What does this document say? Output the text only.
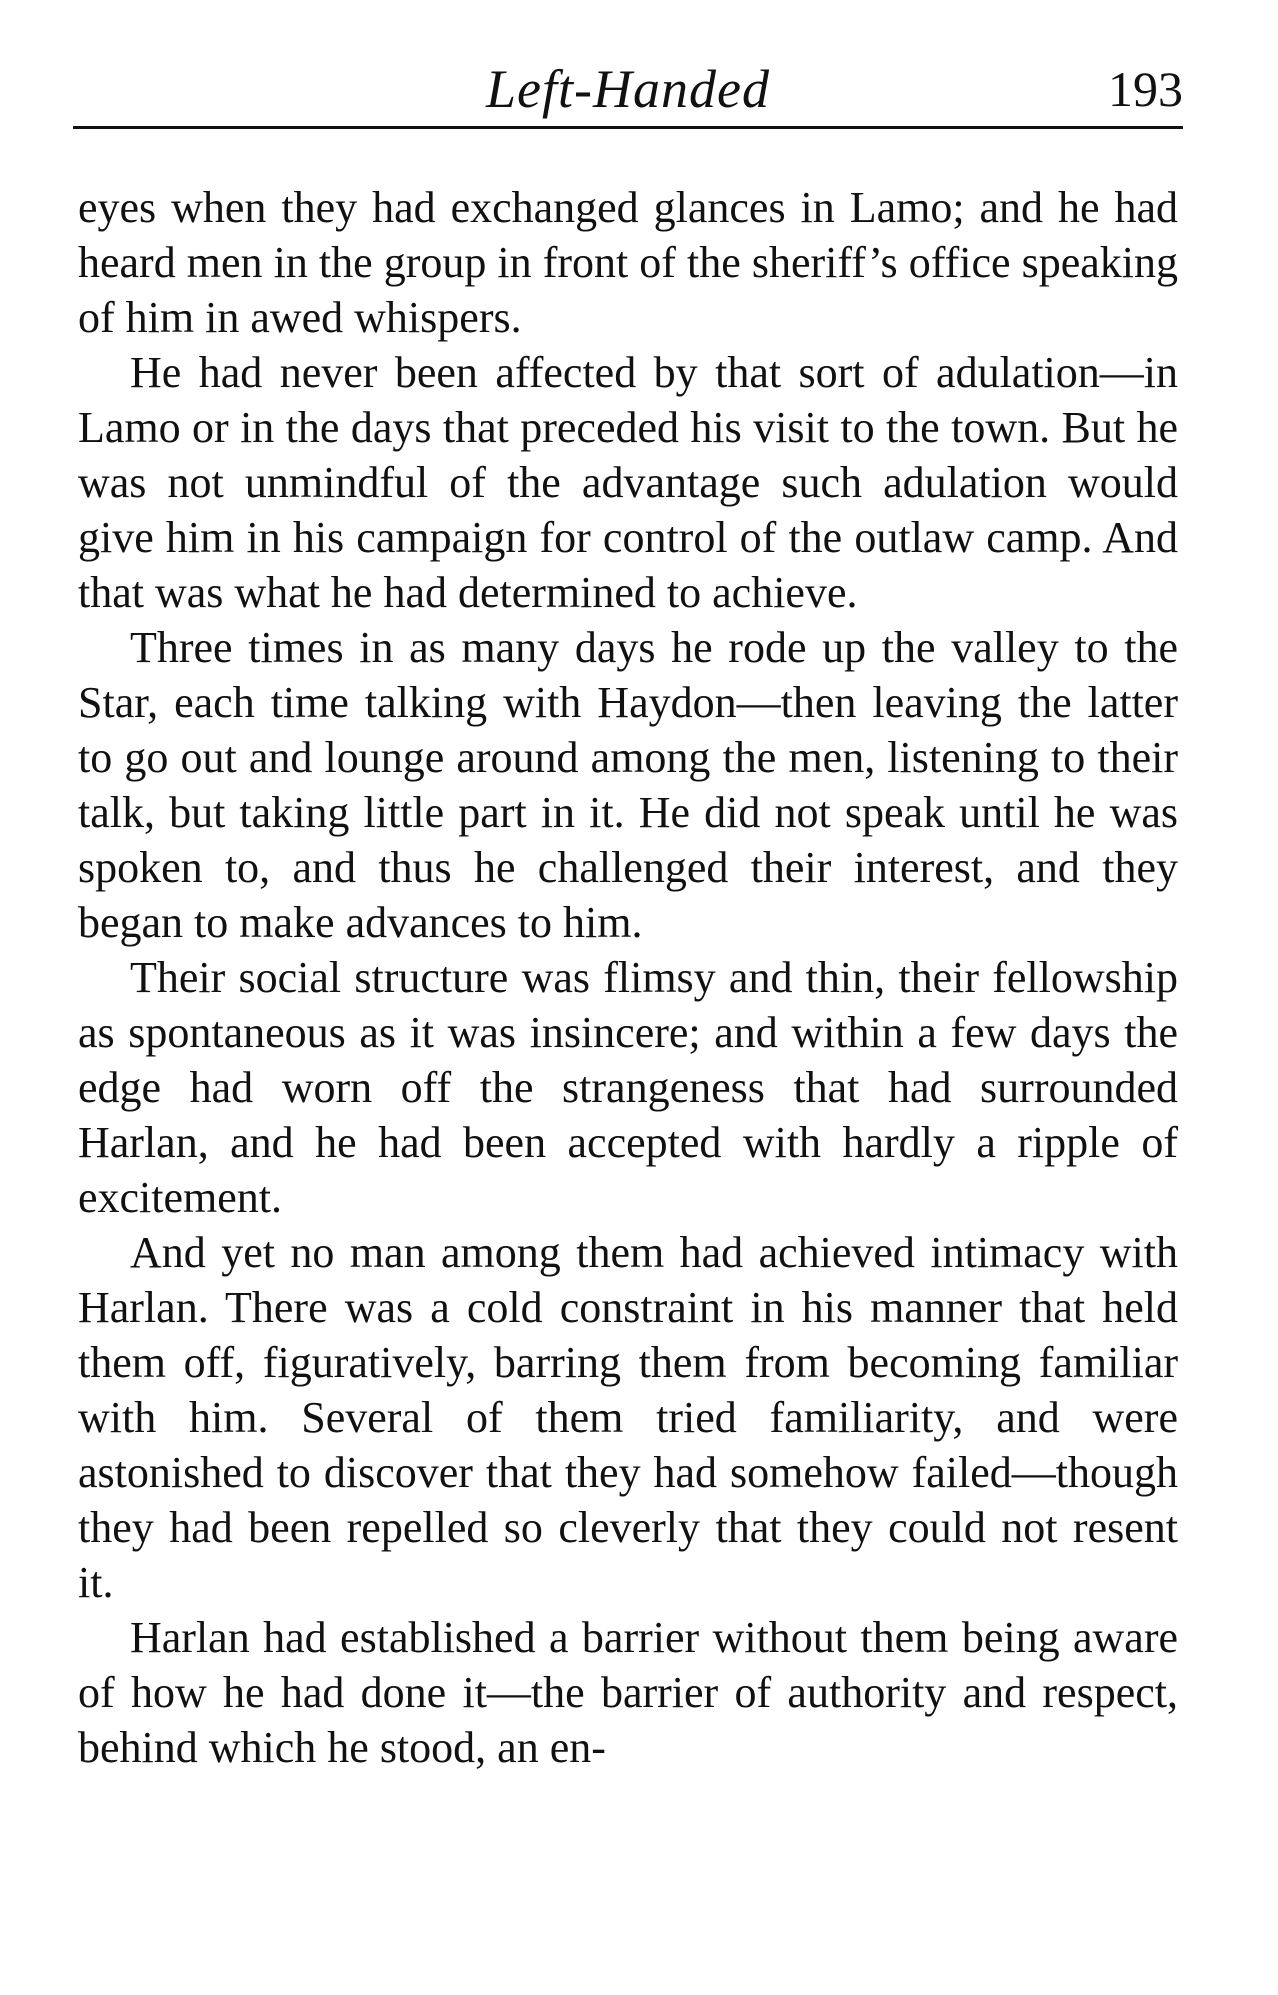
Left-Handed	193

eyes when they had exchanged glances in Lamo; and he had heard men in the group in front of the sheriff’s office speaking of him in awed whispers.

He had never been affected by that sort of adulation—in Lamo or in the days that preceded his visit to the town. But he was not unmindful of the advantage such adulation would give him in his campaign for control of the outlaw camp. And that was what he had determined to achieve.

Three times in as many days he rode up the valley to the Star, each time talking with Haydon—then leaving the latter to go out and lounge around among the men, listening to their talk, but taking little part in it. He did not speak until he was spoken to, and thus he challenged their interest, and they began to make advances to him.

Their social structure was flimsy and thin, their fellowship as spontaneous as it was insincere; and within a few days the edge had worn off the strangeness that had surrounded Harlan, and he had been accepted with hardly a ripple of excitement.

And yet no man among them had achieved intimacy with Harlan. There was a cold constraint in his manner that held them off, figuratively, barring them from becoming familiar with him. Several of them tried familiarity, and were astonished to discover that they had somehow failed—though they had been repelled so cleverly that they could not resent it.

Harlan had established a barrier without them being aware of how he had done it—the barrier of authority and respect, behind which he stood, an en-
